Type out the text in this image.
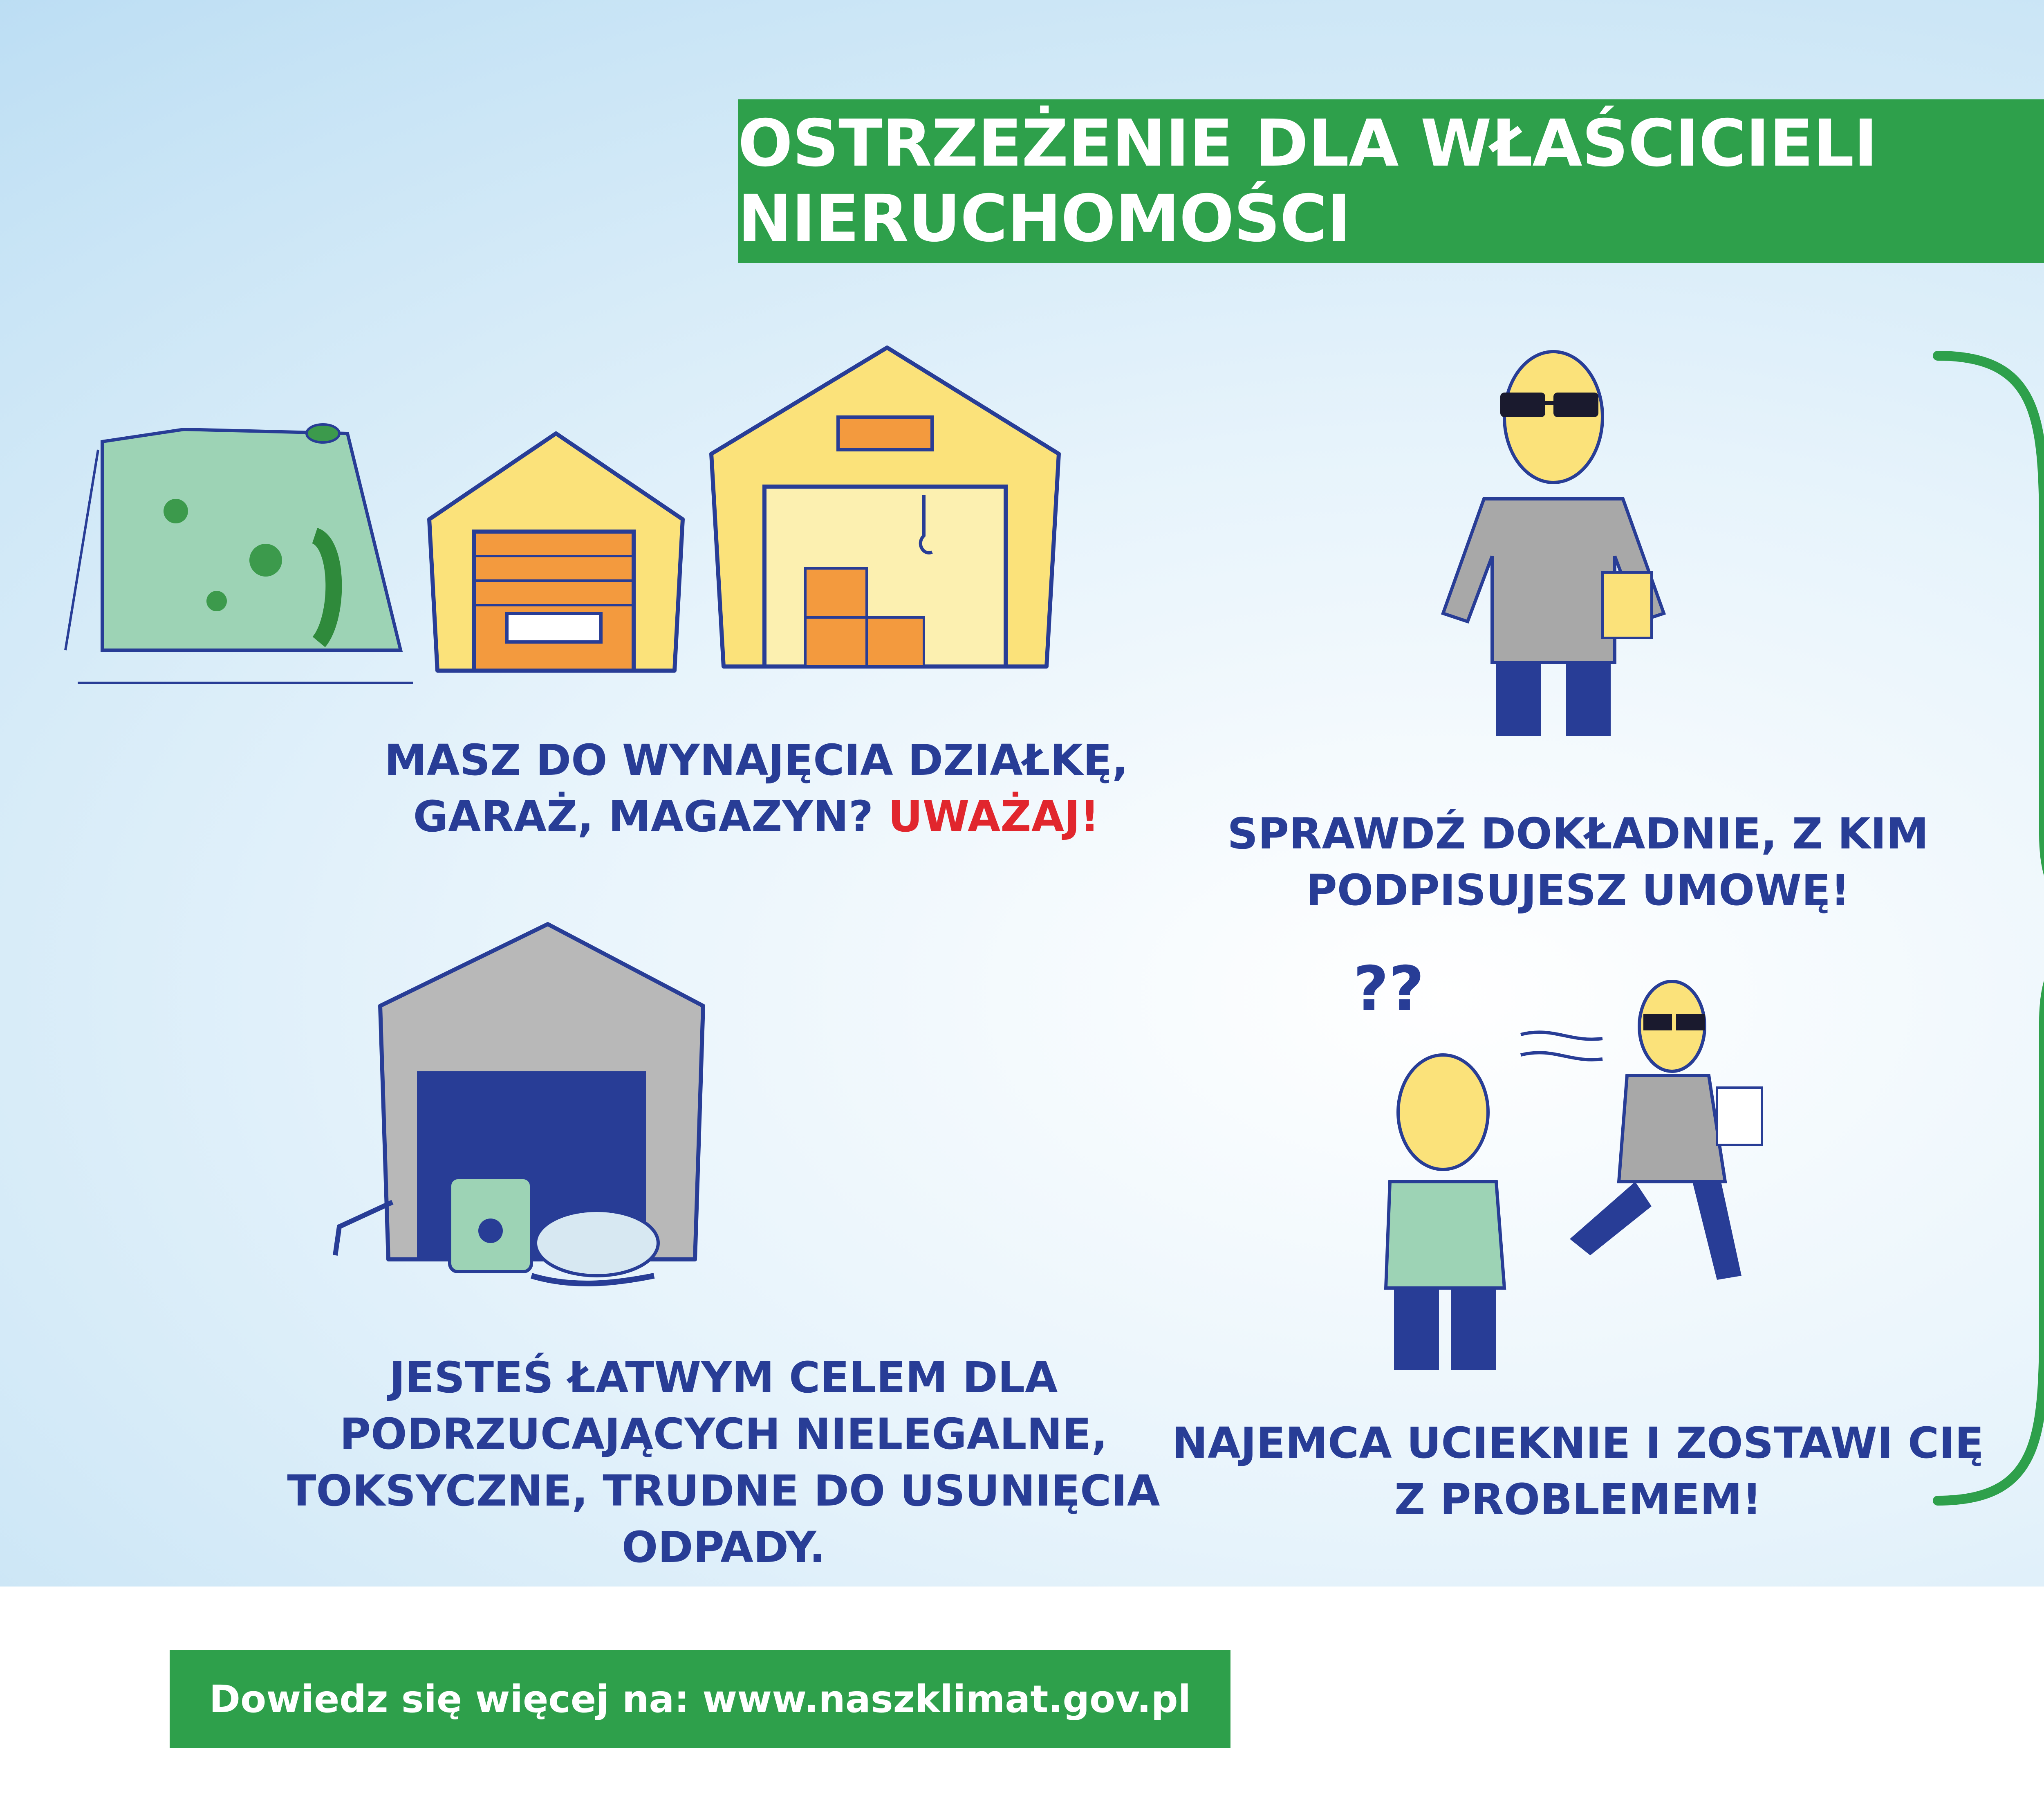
OSTRZEŻENIE DLA WŁAŚCICIELI NIERUCHOMOŚCI
??
MASZ DO WYNAJĘCIA DZIAŁKĘ,
GARAŻ, MAGAZYN? UWAŻAJ!
JESTEŚ ŁATWYM CELEM DLA
PODRZUCAJĄCYCH NIELEGALNE,
TOKSYCZNE, TRUDNE DO USUNIĘCIA
ODPADY.
SPRAWDŹ DOKŁADNIE, Z KIM
PODPISUJESZ UMOWĘ!
NAJEMCA UCIEKNIE I ZOSTAWI CIĘ
Z PROBLEMEM!
Dowiedz się więcej na: www.naszklimat.gov.pl
